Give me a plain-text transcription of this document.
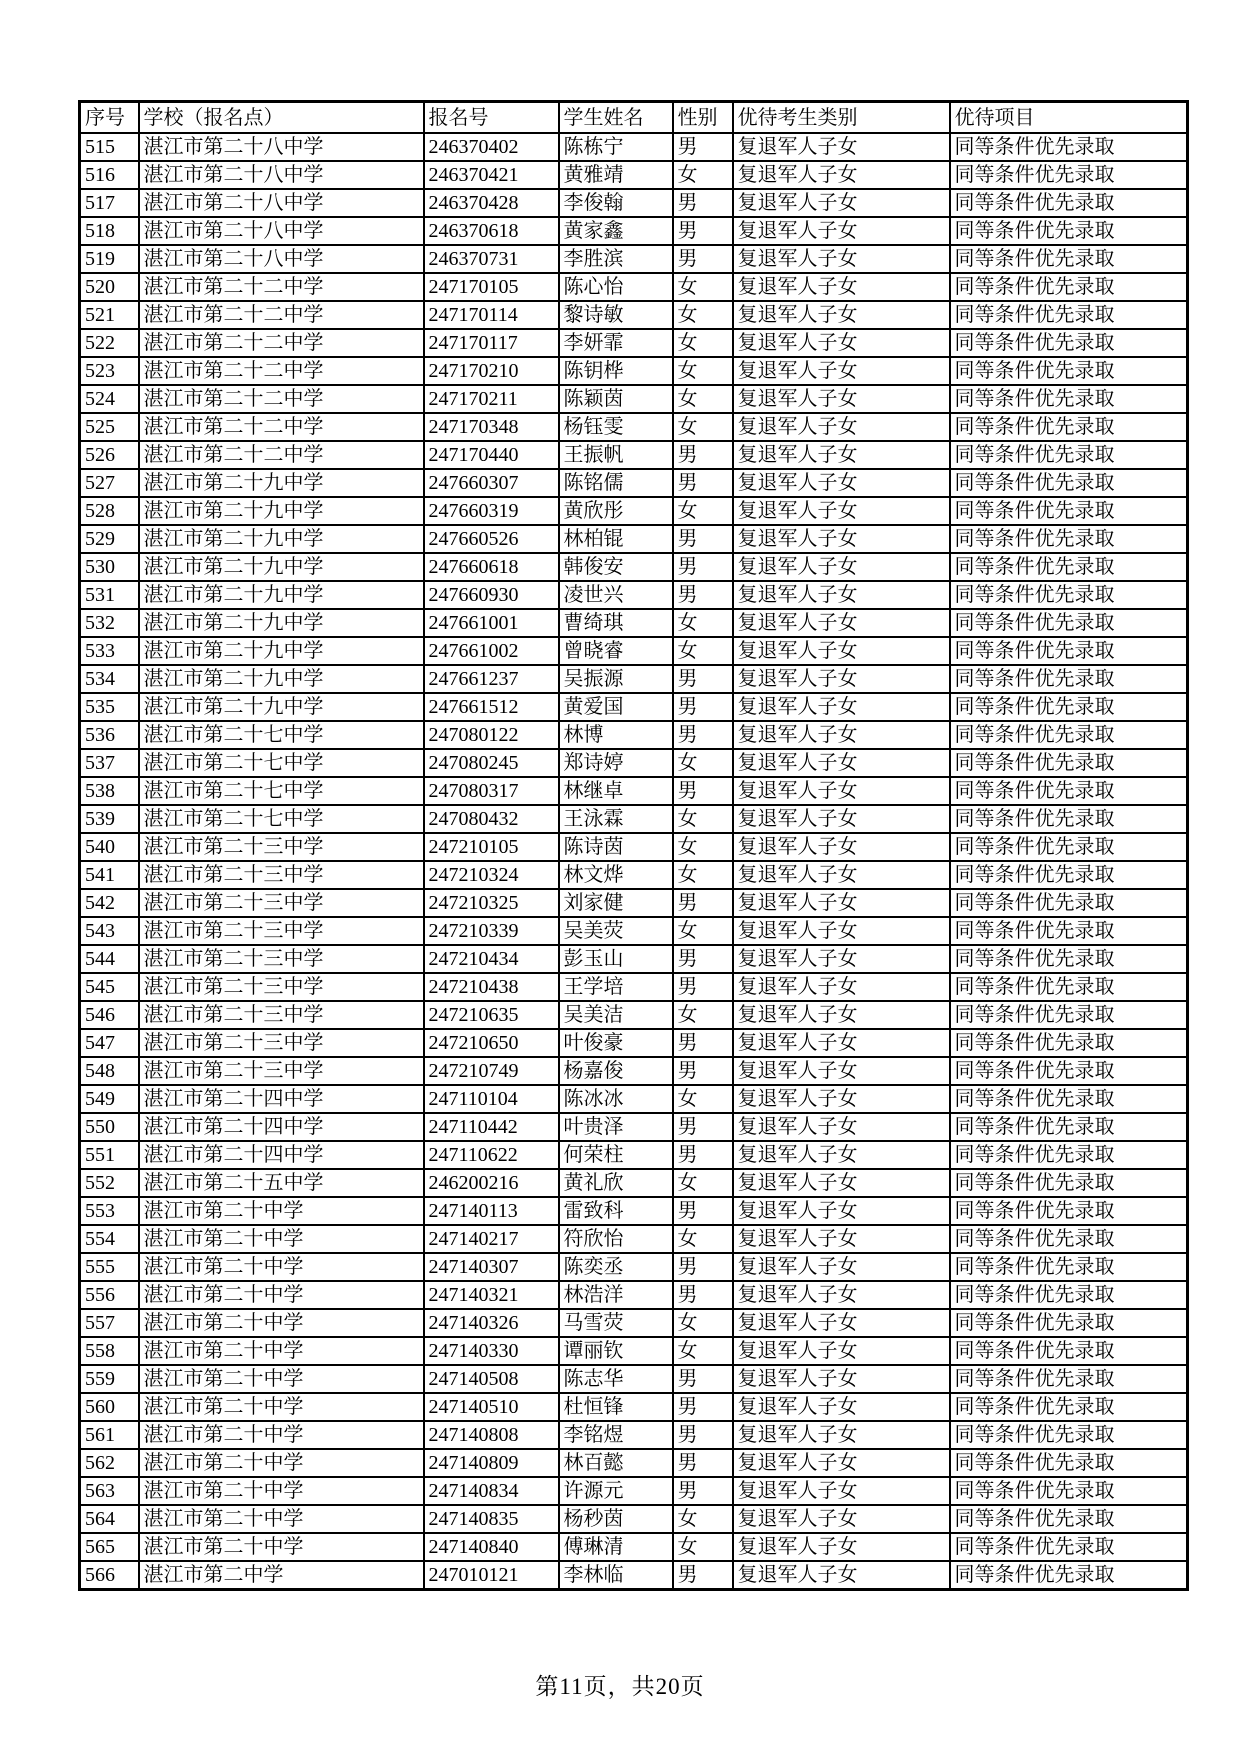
序号	学校（报名点）	报名号	学生姓名	性别	优待考生类别	优待项目
515	湛江市第二十八中学	246370402	陈栋宁	男	复退军人子女	同等条件优先录取
516	湛江市第二十八中学	246370421	黄雅靖	女	复退军人子女	同等条件优先录取
517	湛江市第二十八中学	246370428	李俊翰	男	复退军人子女	同等条件优先录取
518	湛江市第二十八中学	246370618	黄家鑫	男	复退军人子女	同等条件优先录取
519	湛江市第二十八中学	246370731	李胜滨	男	复退军人子女	同等条件优先录取
520	湛江市第二十二中学	247170105	陈心怡	女	复退军人子女	同等条件优先录取
521	湛江市第二十二中学	247170114	黎诗敏	女	复退军人子女	同等条件优先录取
522	湛江市第二十二中学	247170117	李妍霏	女	复退军人子女	同等条件优先录取
523	湛江市第二十二中学	247170210	陈钥桦	女	复退军人子女	同等条件优先录取
524	湛江市第二十二中学	247170211	陈颖茵	女	复退军人子女	同等条件优先录取
525	湛江市第二十二中学	247170348	杨钰雯	女	复退军人子女	同等条件优先录取
526	湛江市第二十二中学	247170440	王振帆	男	复退军人子女	同等条件优先录取
527	湛江市第二十九中学	247660307	陈铭儒	男	复退军人子女	同等条件优先录取
528	湛江市第二十九中学	247660319	黄欣彤	女	复退军人子女	同等条件优先录取
529	湛江市第二十九中学	247660526	林柏锟	男	复退军人子女	同等条件优先录取
530	湛江市第二十九中学	247660618	韩俊安	男	复退军人子女	同等条件优先录取
531	湛江市第二十九中学	247660930	凌世兴	男	复退军人子女	同等条件优先录取
532	湛江市第二十九中学	247661001	曹绮琪	女	复退军人子女	同等条件优先录取
533	湛江市第二十九中学	247661002	曾晓睿	女	复退军人子女	同等条件优先录取
534	湛江市第二十九中学	247661237	吴振源	男	复退军人子女	同等条件优先录取
535	湛江市第二十九中学	247661512	黄爱国	男	复退军人子女	同等条件优先录取
536	湛江市第二十七中学	247080122	林博	男	复退军人子女	同等条件优先录取
537	湛江市第二十七中学	247080245	郑诗婷	女	复退军人子女	同等条件优先录取
538	湛江市第二十七中学	247080317	林继卓	男	复退军人子女	同等条件优先录取
539	湛江市第二十七中学	247080432	王泳霖	女	复退军人子女	同等条件优先录取
540	湛江市第二十三中学	247210105	陈诗茵	女	复退军人子女	同等条件优先录取
541	湛江市第二十三中学	247210324	林文烨	女	复退军人子女	同等条件优先录取
542	湛江市第二十三中学	247210325	刘家健	男	复退军人子女	同等条件优先录取
543	湛江市第二十三中学	247210339	吴美荧	女	复退军人子女	同等条件优先录取
544	湛江市第二十三中学	247210434	彭玉山	男	复退军人子女	同等条件优先录取
545	湛江市第二十三中学	247210438	王学培	男	复退军人子女	同等条件优先录取
546	湛江市第二十三中学	247210635	吴美洁	女	复退军人子女	同等条件优先录取
547	湛江市第二十三中学	247210650	叶俊豪	男	复退军人子女	同等条件优先录取
548	湛江市第二十三中学	247210749	杨嘉俊	男	复退军人子女	同等条件优先录取
549	湛江市第二十四中学	247110104	陈冰冰	女	复退军人子女	同等条件优先录取
550	湛江市第二十四中学	247110442	叶贵泽	男	复退军人子女	同等条件优先录取
551	湛江市第二十四中学	247110622	何荣柱	男	复退军人子女	同等条件优先录取
552	湛江市第二十五中学	246200216	黄礼欣	女	复退军人子女	同等条件优先录取
553	湛江市第二十中学	247140113	雷致科	男	复退军人子女	同等条件优先录取
554	湛江市第二十中学	247140217	符欣怡	女	复退军人子女	同等条件优先录取
555	湛江市第二十中学	247140307	陈奕丞	男	复退军人子女	同等条件优先录取
556	湛江市第二十中学	247140321	林浩洋	男	复退军人子女	同等条件优先录取
557	湛江市第二十中学	247140326	马雪荧	女	复退军人子女	同等条件优先录取
558	湛江市第二十中学	247140330	谭丽钦	女	复退军人子女	同等条件优先录取
559	湛江市第二十中学	247140508	陈志华	男	复退军人子女	同等条件优先录取
560	湛江市第二十中学	247140510	杜恒锋	男	复退军人子女	同等条件优先录取
561	湛江市第二十中学	247140808	李铭煜	男	复退军人子女	同等条件优先录取
562	湛江市第二十中学	247140809	林百懿	男	复退军人子女	同等条件优先录取
563	湛江市第二十中学	247140834	许源元	男	复退军人子女	同等条件优先录取
564	湛江市第二十中学	247140835	杨秒茵	女	复退军人子女	同等条件优先录取
565	湛江市第二十中学	247140840	傅琳清	女	复退军人子女	同等条件优先录取
566	湛江市第二中学	247010121	李林临	男	复退军人子女	同等条件优先录取
第11页，共20页
